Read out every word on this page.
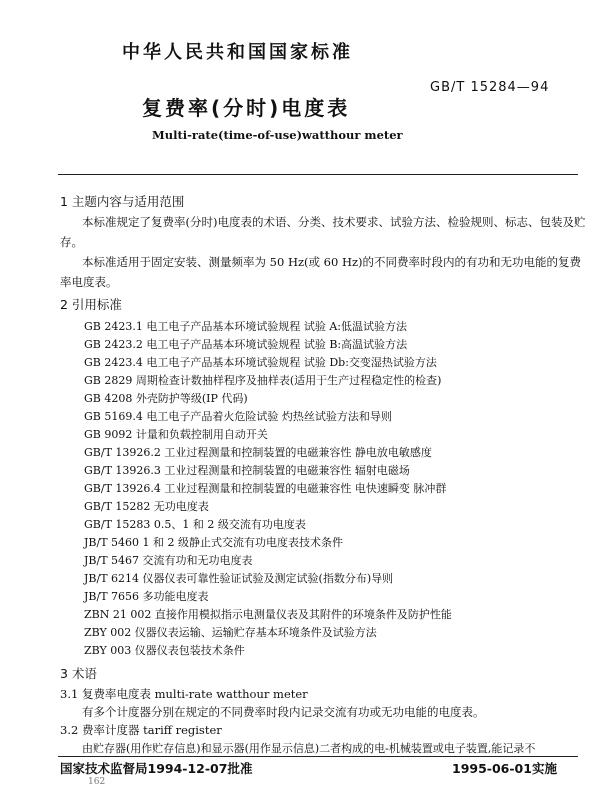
中华人民共和国国家标准
GB/T 15284—94
复费率(分时)电度表
Multi-rate(time-of-use)watthour meter
1 主题内容与适用范围
本标准规定了复费率(分时)电度表的术语、分类、技术要求、试验方法、检验规则、标志、包装及贮
存。
本标准适用于固定安装、测量频率为 50 Hz(或 60 Hz)的不同费率时段内的有功和无功电能的复费
率电度表。
2 引用标准
GB 2423.1 电工电子产品基本环境试验规程 试验 A:低温试验方法
GB 2423.2 电工电子产品基本环境试验规程 试验 B:高温试验方法
GB 2423.4 电工电子产品基本环境试验规程 试验 Db:交变湿热试验方法
GB 2829 周期检查计数抽样程序及抽样表(适用于生产过程稳定性的检查)
GB 4208 外壳防护等级(IP 代码)
GB 5169.4 电工电子产品着火危险试验 灼热丝试验方法和导则
GB 9092 计量和负载控制用自动开关
GB/T 13926.2 工业过程测量和控制装置的电磁兼容性 静电放电敏感度
GB/T 13926.3 工业过程测量和控制装置的电磁兼容性 辐射电磁场
GB/T 13926.4 工业过程测量和控制装置的电磁兼容性 电快速瞬变 脉冲群
GB/T 15282 无功电度表
GB/T 15283 0.5、1 和 2 级交流有功电度表
JB/T 5460 1 和 2 级静止式交流有功电度表技术条件
JB/T 5467 交流有功和无功电度表
JB/T 6214 仪器仪表可靠性验证试验及测定试验(指数分布)导则
JB/T 7656 多功能电度表
ZBN 21 002 直接作用模拟指示电测量仪表及其附件的环境条件及防护性能
ZBY 002 仪器仪表运输、运输贮存基本环境条件及试验方法
ZBY 003 仪器仪表包装技术条件
3 术语
3.1 复费率电度表 multi-rate watthour meter
有多个计度器分别在规定的不同费率时段内记录交流有功或无功电能的电度表。
3.2 费率计度器 tariff register
由贮存器(用作贮存信息)和显示器(用作显示信息)二者构成的电-机械装置或电子装置,能记录不
国家技术监督局1994-12-07批准	1995-06-01实施
162
